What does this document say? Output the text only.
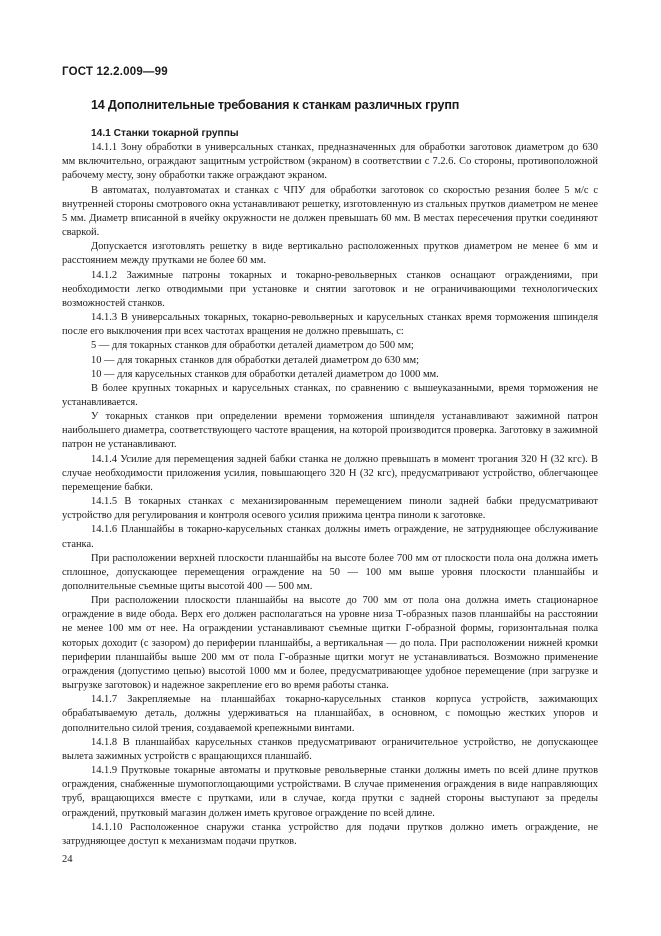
ГОСТ 12.2.009—99
14 Дополнительные требования к станкам различных групп

14.1 Станки токарной группы

14.1.1 Зону обработки в универсальных станках, предназначенных для обработки заготовок диаметром до 630 мм включительно, ограждают защитным устройством (экраном) в соответствии с 7.2.6. Со стороны, противоположной рабочему месту, зону обработки также ограждают экраном.

В автоматах, полуавтоматах и станках с ЧПУ для обработки заготовок со скоростью резания более 5 м/с с внутренней стороны смотрового окна устанавливают решетку, изготовленную из стальных прутков диаметром не менее 5 мм. Диаметр вписанной в ячейку окружности не должен превышать 60 мм. В местах пересечения прутки соединяют сваркой.

Допускается изготовлять решетку в виде вертикально расположенных прутков диаметром не менее 6 мм и расстоянием между прутками не более 60 мм.

14.1.2 Зажимные патроны токарных и токарно-револьверных станков оснащают ограждениями, при необходимости легко отводимыми при установке и снятии заготовок и не ограничивающими технологических возможностей станков.

14.1.3 В универсальных токарных, токарно-револьверных и карусельных станках время торможения шпинделя после его выключения при всех частотах вращения не должно превышать, с:

5 — для токарных станков для обработки деталей диаметром до 500 мм;

10 — для токарных станков для обработки деталей диаметром до 630 мм;

10 — для карусельных станков для обработки деталей диаметром до 1000 мм.

В более крупных токарных и карусельных станках, по сравнению с вышеуказанными, время торможения не устанавливается.

У токарных станков при определении времени торможения шпинделя устанавливают зажимной патрон наибольшего диаметра, соответствующего частоте вращения, на которой производится проверка. Заготовку в зажимной патрон не устанавливают.

14.1.4 Усилие для перемещения задней бабки станка не должно превышать в момент трогания 320 Н (32 кгс). В случае необходимости приложения усилия, повышающего 320 Н (32 кгс), предусматривают устройство, облегчающее перемещение бабки.

14.1.5 В токарных станках с механизированным перемещением пиноли задней бабки предусматривают устройство для регулирования и контроля осевого усилия прижима центра пиноли к заготовке.

14.1.6 Планшайбы в токарно-карусельных станках должны иметь ограждение, не затрудняющее обслуживание станка.

При расположении верхней плоскости планшайбы на высоте более 700 мм от плоскости пола она должна иметь сплошное, допускающее перемещения ограждение на 50 — 100 мм выше уровня плоскости планшайбы и дополнительные съемные щиты высотой 400 — 500 мм.

При расположении плоскости планшайбы на высоте до 700 мм от пола она должна иметь стационарное ограждение в виде обода. Верх его должен располагаться на уровне низа Т-образных пазов планшайбы на расстоянии не менее 100 мм от нее. На ограждении устанавливают съемные щитки Г-образной формы, горизонтальная полка которых доходит (с зазором) до периферии планшайбы, а вертикальная — до пола. При расположении нижней кромки периферии планшайбы выше 200 мм от пола Г-образные щитки могут не устанавливаться. Возможно применение ограждения (допустимо цепью) высотой 1000 мм и более, предусматривающее удобное перемещение (при загрузке и выгрузке заготовок) и надежное закрепление его во время работы станка.

14.1.7 Закрепляемые на планшайбах токарно-карусельных станков корпуса устройств, зажимающих обрабатываемую деталь, должны удерживаться на планшайбах, в основном, с помощью жестких упоров и дополнительно силой трения, создаваемой крепежными винтами.

14.1.8 В планшайбах карусельных станков предусматривают ограничительное устройство, не допускающее вылета зажимных устройств с вращающихся планшайб.

14.1.9 Прутковые токарные автоматы и прутковые револьверные станки должны иметь по всей длине прутков ограждения, снабженные шумопоглощающими устройствами. В случае применения ограждения в виде направляющих труб, вращающихся вместе с прутками, или в случае, когда прутки с задней стороны выступают за пределы ограждений, прутковый магазин должен иметь круговое ограждение по всей длине.

14.1.10 Расположенное снаружи станка устройство для подачи прутков должно иметь ограждение, не затрудняющее доступ к механизмам подачи прутков.

24
